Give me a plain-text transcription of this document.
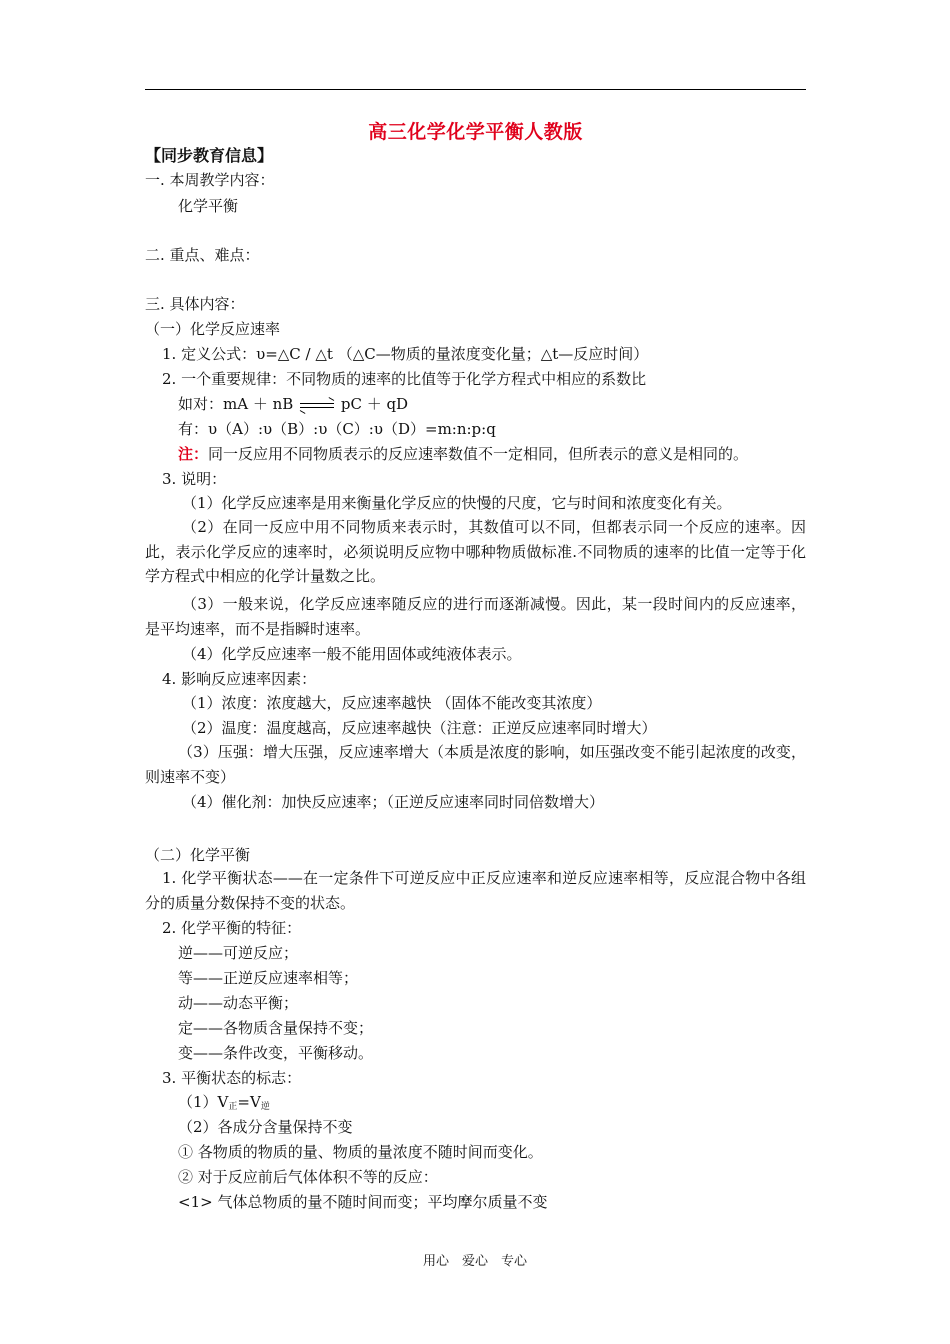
高三化学化学平衡人教版
【同步教育信息】
一. 本周教学内容：
化学平衡
二. 重点、难点：
三. 具体内容：
（一）化学反应速率
1. 定义公式：υ=△C / △t （△C—物质的量浓度变化量；△t—反应时间）
2. 一个重要规律：不同物质的速率的比值等于化学方程式中相应的系数比
如对：mA ＋ nB	pC ＋ qD
有：υ（A）:υ（B）:υ（C）:υ（D）=m:n:p:q
注：同一反应用不同物质表示的反应速率数值不一定相同，但所表示的意义是相同的。
3. 说明：
（1）化学反应速率是用来衡量化学反应的快慢的尺度，它与时间和浓度变化有关。
（2）在同一反应中用不同物质来表示时，其数值可以不同，但都表示同一个反应的速率。因此，表示化学反应的速率时，必须说明反应物中哪种物质做标准.不同物质的速率的比值一定等于化学方程式中相应的化学计量数之比。
（3）一般来说，化学反应速率随反应的进行而逐渐减慢。因此，某一段时间内的反应速率，是平均速率，而不是指瞬时速率。
（4）化学反应速率一般不能用固体或纯液体表示。
4. 影响反应速率因素：
（1）浓度：浓度越大，反应速率越快 （固体不能改变其浓度）
（2）温度：温度越高，反应速率越快（注意：正逆反应速率同时增大）
（3）压强：增大压强，反应速率增大（本质是浓度的影响，如压强改变不能引起浓度的改变，则速率不变）
（4）催化剂：加快反应速率；（正逆反应速率同时同倍数增大）
（二）化学平衡
1. 化学平衡状态——在一定条件下可逆反应中正反应速率和逆反应速率相等，反应混合物中各组分的质量分数保持不变的状态。
2. 化学平衡的特征：
逆——可逆反应；
等——正逆反应速率相等；
动——动态平衡；
定——各物质含量保持不变；
变——条件改变，平衡移动。
3. 平衡状态的标志：
$(1)V_正=V_逆$
（2）各成分含量保持不变
① 各物质的物质的量、物质的量浓度不随时间而变化。
② 对于反应前后气体体积不等的反应：
<1> 气体总物质的量不随时间而变；平均摩尔质量不变
用心　爱心　专心
